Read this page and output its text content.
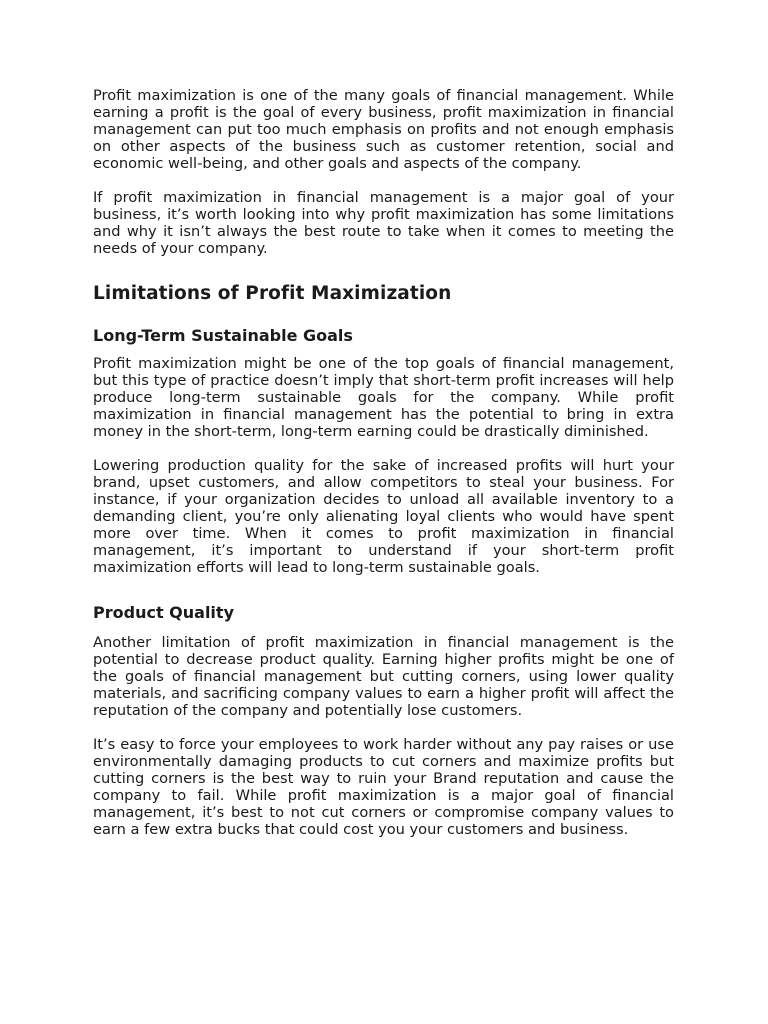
Profit maximization is one of the many goals of financial management. While earning a profit is the goal of every business, profit maximization in financial management can put too much emphasis on profits and not enough emphasis on other aspects of the business such as customer retention, social and economic well-being, and other goals and aspects of the company.

If profit maximization in financial management is a major goal of your business, it’s worth looking into why profit maximization has some limitations and why it isn’t always the best route to take when it comes to meeting the needs of your company.

Limitations of Profit Maximization
Long-Term Sustainable Goals

Profit maximization might be one of the top goals of financial management, but this type of practice doesn’t imply that short-term profit increases will help produce long-term sustainable goals for the company. While profit maximization in financial management has the potential to bring in extra money in the short-term, long-term earning could be drastically diminished.

Lowering production quality for the sake of increased profits will hurt your brand, upset customers, and allow competitors to steal your business. For instance, if your organization decides to unload all available inventory to a demanding client, you’re only alienating loyal clients who would have spent more over time. When it comes to profit maximization in financial management, it’s important to understand if your short-term profit maximization efforts will lead to long-term sustainable goals.

Product Quality

Another limitation of profit maximization in financial management is the potential to decrease product quality. Earning higher profits might be one of the goals of financial management but cutting corners, using lower quality materials, and sacrificing company values to earn a higher profit will affect the reputation of the company and potentially lose customers.

It’s easy to force your employees to work harder without any pay raises or use environmentally damaging products to cut corners and maximize profits but cutting corners is the best way to ruin your Brand reputation and cause the company to fail. While profit maximization is a major goal of financial management, it’s best to not cut corners or compromise company values to earn a few extra bucks that could cost you your customers and business.
